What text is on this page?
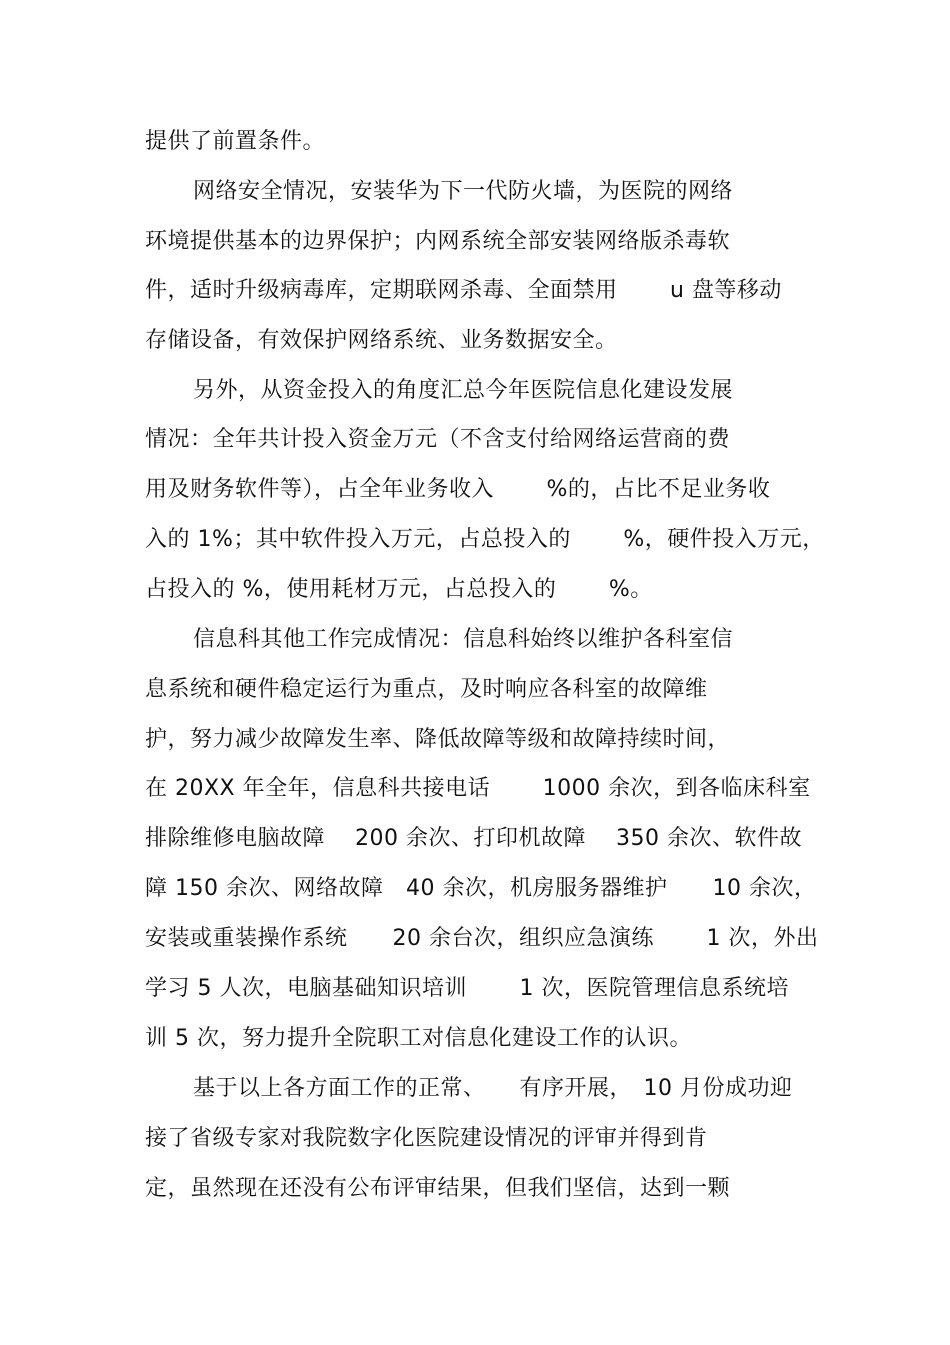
提供了前置条件。
网络安全情况，安装华为下一代防火墙，为医院的网络
环境提供基本的边界保护；内网系统全部安装网络版杀毒软
件，适时升级病毒库，定期联网杀毒、全面禁用　　 u 盘等移动
存储设备，有效保护网络系统、业务数据安全。
另外，从资金投入的角度汇总今年医院信息化建设发展
情况：全年共计投入资金万元（不含支付给网络运营商的费
用及财务软件等），占全年业务收入　　 %的，占比不足业务收
入的 1%；其中软件投入万元，占总投入的　　 %，硬件投入万元，
占投入的 %，使用耗材万元，占总投入的　　 %。
信息科其他工作完成情况：信息科始终以维护各科室信
息系统和硬件稳定运行为重点，及时响应各科室的故障维
护，努力减少故障发生率、降低故障等级和故障持续时间，
在 20XX 年全年，信息科共接电话　　 1000 余次，到各临床科室
排除维修电脑故障　 200 余次、打印机故障　 350 余次、软件故
障 150 余次、网络故障　40 余次，机房服务器维护　　10 余次，
安装或重装操作系统　　20 余台次，组织应急演练　　 1 次，外出
学习 5 人次，电脑基础知识培训　　 1 次，医院管理信息系统培
训 5 次，努力提升全院职工对信息化建设工作的认识。
基于以上各方面工作的正常、　　有序开展，　10 月份成功迎
接了省级专家对我院数字化医院建设情况的评审并得到肯
定，虽然现在还没有公布评审结果，但我们坚信，达到一颗
